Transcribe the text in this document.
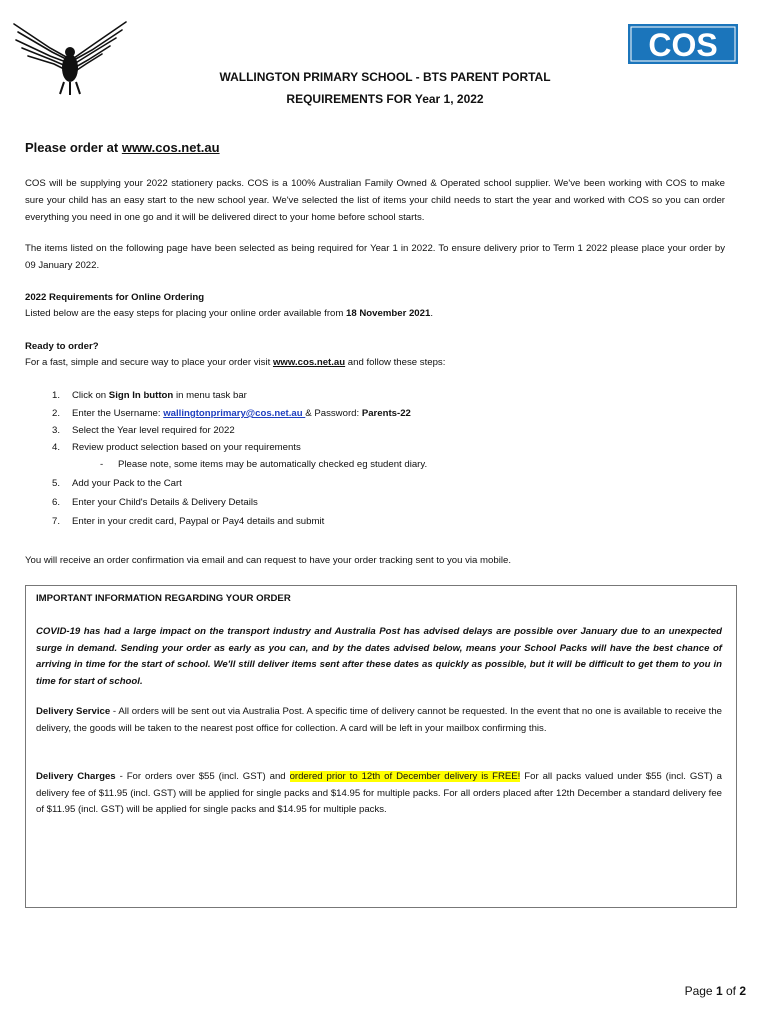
COS
WALLINGTON PRIMARY SCHOOL - BTS PARENT PORTAL
REQUIREMENTS FOR Year 1, 2022
Please order at www.cos.net.au
COS will be supplying your 2022 stationery packs. COS is a 100% Australian Family Owned & Operated school supplier. We've been working with COS to make sure your child has an easy start to the new school year. We've selected the list of items your child needs to start the year and worked with COS so you can order everything you need in one go and it will be delivered direct to your home before school starts.
The items listed on the following page have been selected as being required for Year 1 in 2022. To ensure delivery prior to Term 1 2022 please place your order by 09 January 2022.
2022 Requirements for Online Ordering
Listed below are the easy steps for placing your online order available from 18 November 2021.
Ready to order?
For a fast, simple and secure way to place your order visit www.cos.net.au and follow these steps:
1. Click on Sign In button in menu task bar
2. Enter the Username: wallingtonprimary@cos.net.au & Password: Parents-22
3. Select the Year level required for 2022
4. Review product selection based on your requirements
- Please note, some items may be automatically checked eg student diary.
5. Add your Pack to the Cart
6. Enter your Child's Details & Delivery Details
7. Enter in your credit card, Paypal or Pay4 details and submit
You will receive an order confirmation via email and can request to have your order tracking sent to you via mobile.
IMPORTANT INFORMATION REGARDING YOUR ORDER
COVID-19 has had a large impact on the transport industry and Australia Post has advised delays are possible over January due to an unexpected surge in demand. Sending your order as early as you can, and by the dates advised below, means your School Packs will have the best chance of arriving in time for the start of school. We'll still deliver items sent after these dates as quickly as possible, but it will be difficult to get them to you in time for start of school.
Delivery Service - All orders will be sent out via Australia Post. A specific time of delivery cannot be requested. In the event that no one is available to receive the delivery, the goods will be taken to the nearest post office for collection. A card will be left in your mailbox confirming this.
Delivery Charges - For orders over $55 (incl. GST) and ordered prior to 12th of December delivery is FREE! For all packs valued under $55 (incl. GST) a delivery fee of $11.95 (incl. GST) will be applied for single packs and $14.95 for multiple packs. For all orders placed after 12th December a standard delivery fee of $11.95 (incl. GST) will be applied for single packs and $14.95 for multiple packs.
Page 1 of 2
